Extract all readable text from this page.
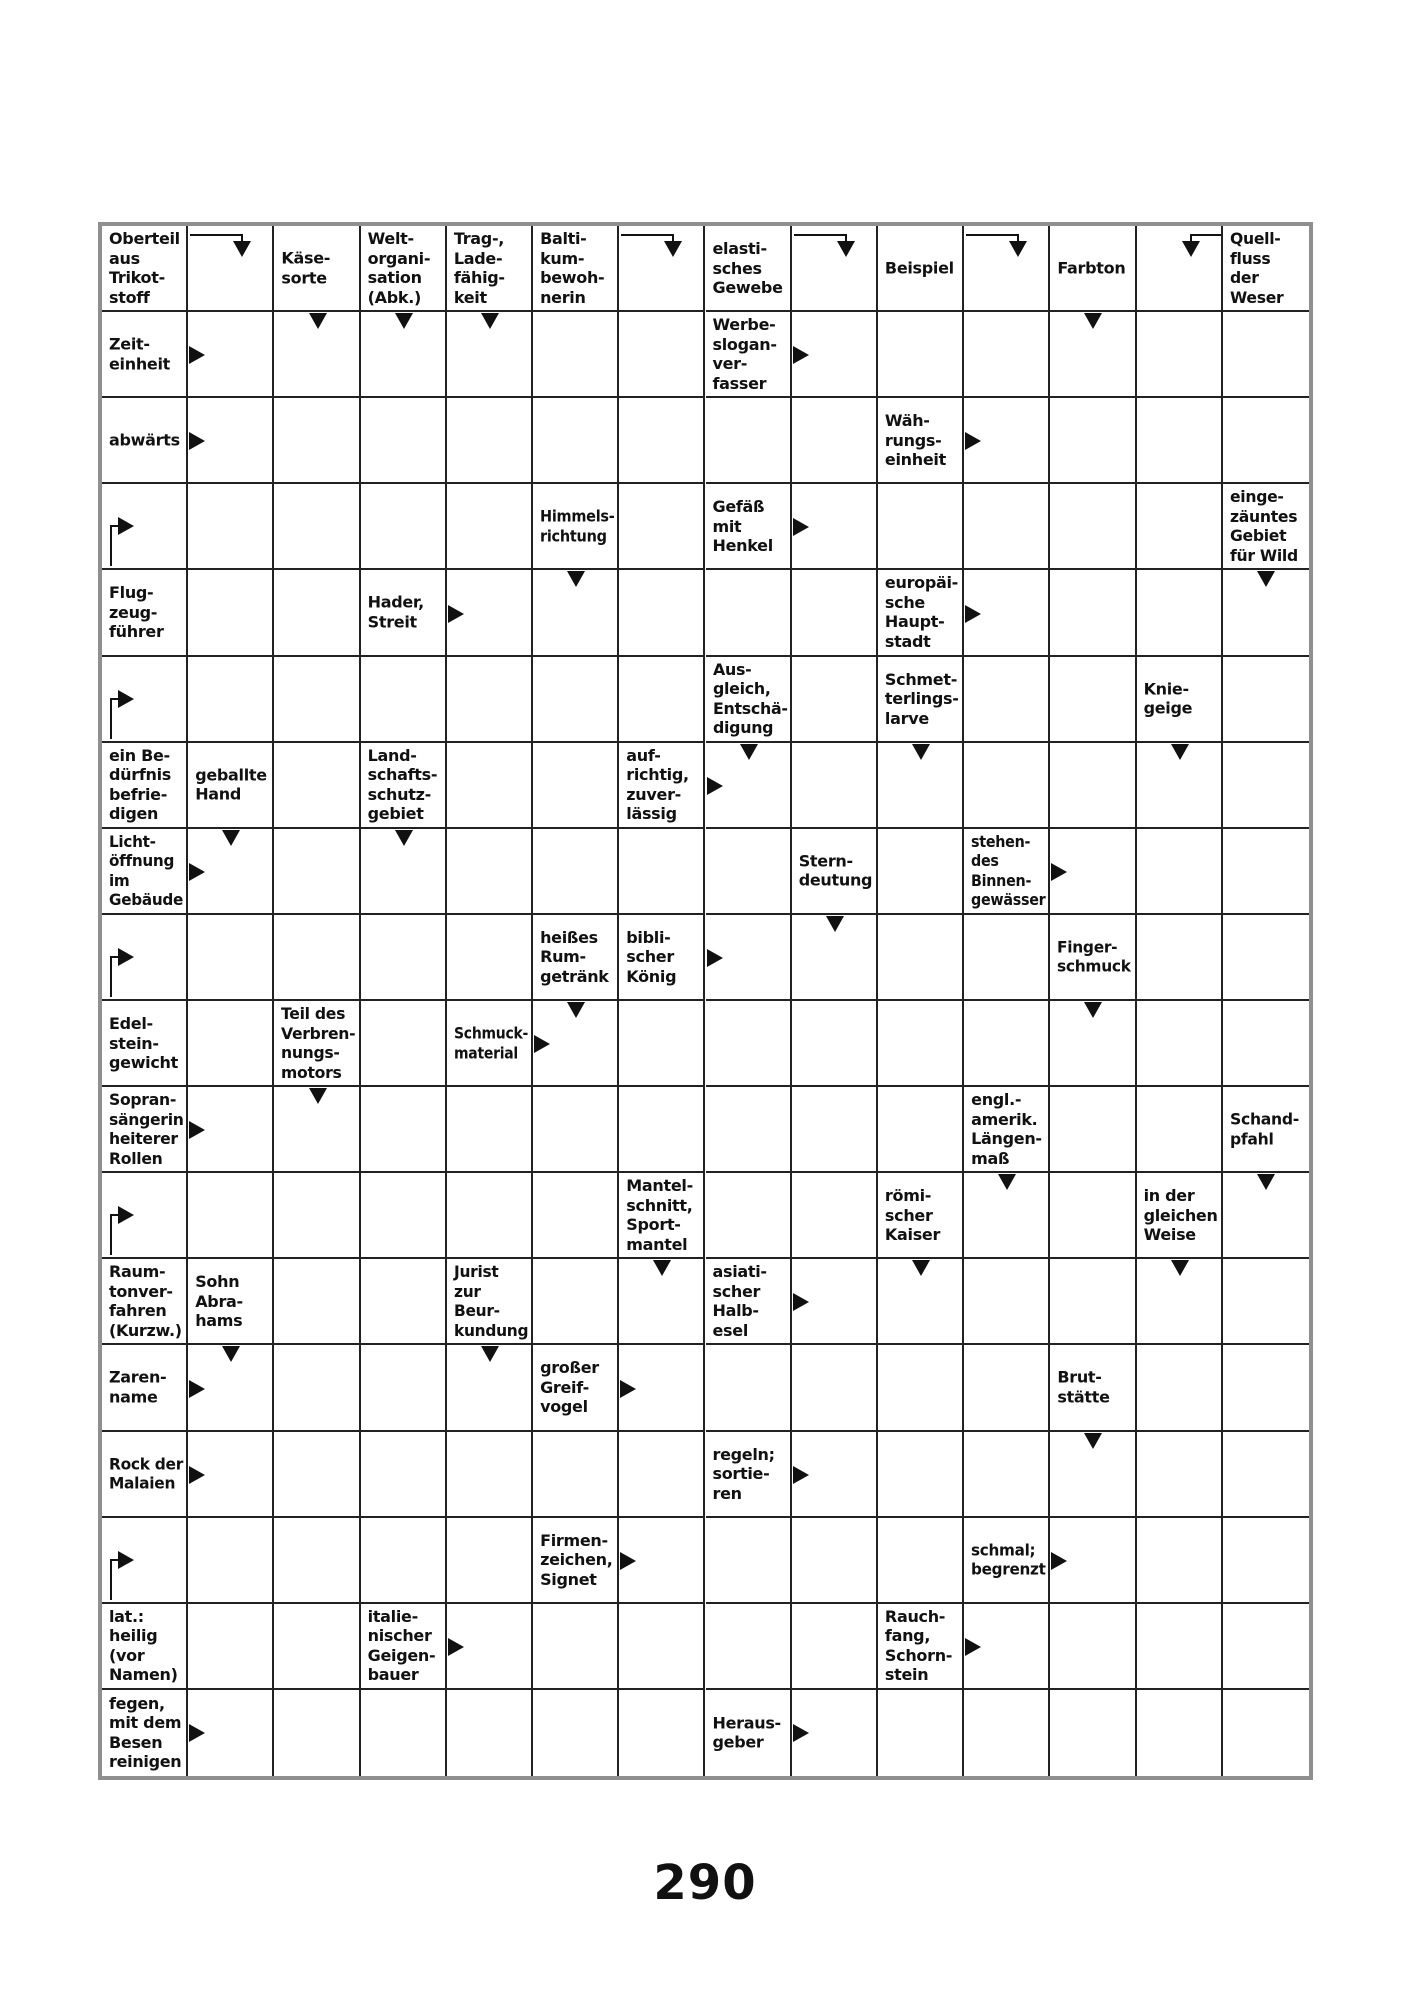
Oberteil
aus
Trikot-
stoff
Käse-
sorte
Welt-
organi-
sation
(Abk.)
Trag-,
Lade-
fähig-
keit
Balti-
kum-
bewoh-
nerin
elasti-
sches
Gewebe
Beispiel	Farbton
Quell-
fluss
der
Weser
Zeit-
einheit
Werbe-
slogan-
ver-
fasser
abwärts
Wäh-
rungs-
einheit
Himmels-
richtung
Gefäß
mit
Henkel
einge-
zäuntes
Gebiet
für Wild
Flug-
zeug-
führer
Hader,
Streit
europäi-
sche
Haupt-
stadt
Aus-
gleich,
Entschä-
digung
Schmet-
terlings-
larve
Knie-
geige
ein Be-
dürfnis
befrie-
digen
geballte
Hand
Land-
schafts-
schutz-
gebiet
auf-
richtig,
zuver-
lässig
Licht-
öffnung
im
Gebäude
Stern-
deutung
stehen-
des
Binnen-
gewässer
heißes
Rum-
getränk
bibli-
scher
König
Finger-
schmuck
Edel-
stein-
gewicht
Teil des
Verbren-
nungs-
motors
Schmuck-
material
Sopran-
sängerin
heiterer
Rollen
engl.-
amerik.
Längen-
maß
Schand-
pfahl
Mantel-
schnitt,
Sport-
mantel
römi-
scher
Kaiser
in der
gleichen
Weise
Raum-
tonver-
fahren
(Kurzw.)
Sohn
Abra-
hams
Jurist
zur
Beur-
kundung
asiati-
scher
Halb-
esel
Zaren-
name
großer
Greif-
vogel
Brut-
stätte
Rock der
Malaien
regeln;
sortie-
ren
Firmen-
zeichen,
Signet
schmal;
begrenzt
lat.:
heilig
(vor
Namen)
italie-
nischer
Geigen-
bauer
Rauch-
fang,
Schorn-
stein
fegen,
mit dem
Besen
reinigen
Heraus-
geber
290
